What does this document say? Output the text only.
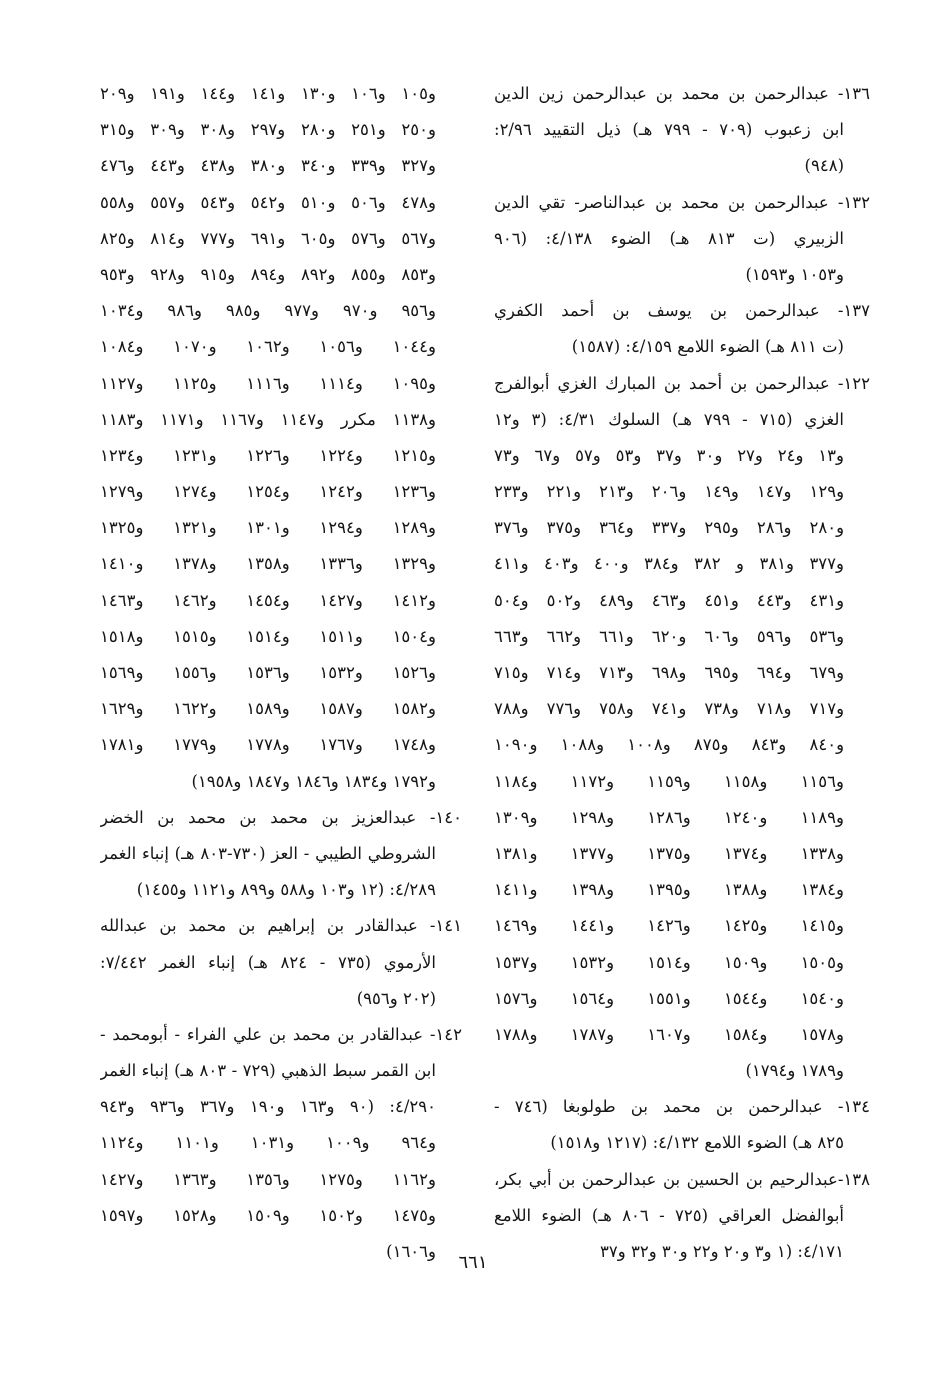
١٣٦- عبدالرحمن بن محمد بن عبدالرحمن زين الدين
ابن زعبوب (٧٠٩ - ٧٩٩ هـ) ذيل التقييد ٢/٩٦:
(٩٤٨)
١٣٢- عبدالرحمن بن محمد بن عبدالناصر- تقي الدين
الزبيري (ت ٨١٣ هـ) الضوء ٤/١٣٨: (٩٠٦
و١٠٥٣ و١٥٩٣)
١٣٧- عبدالرحمن بن يوسف بن أحمد الكفري
(ت ٨١١ هـ) الضوء اللامع ٤/١٥٩: (١٥٨٧)
١٢٢- عبدالرحمن بن أحمد بن المبارك الغزي أبوالفرج
الغزي (٧١٥ - ٧٩٩ هـ) السلوك ٤/٣١: (٣ و١٢
و١٣ و٢٤ و٢٧ و٣٠ و٣٧ و٥٣ و٥٧ و٦٧ و٧٣
و١٢٩ و١٤٧ و١٤٩ و٢٠٦ و٢١٣ و٢٢١ و٢٣٣
و٢٨٠ و٢٨٦ و٢٩٥ و٣٣٧ و٣٦٤ و٣٧٥ و٣٧٦
و٣٧٧ و٣٨١ و ٣٨٢ و٣٨٤ و٤٠٠ و٤٠٣ و٤١١
و٤٣١ و٤٤٣ و٤٥١ و٤٦٣ و٤٨٩ و٥٠٢ و٥٠٤
و٥٣٦ و٥٩٦ و٦٠٦ و٦٢٠ و٦٦١ و٦٦٢ و٦٦٣
و٦٧٩ و٦٩٤ و٦٩٥ و٦٩٨ و٧١٣ و٧١٤ و٧١٥
و٧١٧ و٧١٨ و٧٣٨ و٧٤١ و٧٥٨ و٧٧٦ و٧٨٨
و٨٤٠ و٨٤٣ و٨٧٥ و١٠٠٨ و١٠٨٨ و١٠٩٠
و١١٥٦ و١١٥٨ و١١٥٩ و١١٧٢ و١١٨٤
و١١٨٩ و١٢٤٠ و١٢٨٦ و١٢٩٨ و١٣٠٩
و١٣٣٨ و١٣٧٤ و١٣٧٥ و١٣٧٧ و١٣٨١
و١٣٨٤ و١٣٨٨ و١٣٩٥ و١٣٩٨ و١٤١١
و١٤١٥ و١٤٢٥ و١٤٢٦ و١٤٤١ و١٤٦٩
و١٥٠٥ و١٥٠٩ و١٥١٤ و١٥٣٢ و١٥٣٧
و١٥٤٠ و١٥٤٤ و١٥٥١ و١٥٦٤ و١٥٧٦
و١٥٧٨ و١٥٨٤ و١٦٠٧ و١٧٨٧ و١٧٨٨
و١٧٨٩ و١٧٩٤)
١٣٤- عبدالرحمن بن محمد بن طولوبغا (٧٤٦ -
٨٢٥ هـ) الضوء اللامع ٤/١٣٢: (١٢١٧ و١٥١٨)
١٣٨-عبدالرحيم بن الحسين بن عبدالرحمن بن أبي بكر،
أبوالفضل العراقي (٧٢٥ - ٨٠٦ هـ) الضوء اللامع
٤/١٧١: (١ و٣ و٢٠ و٢٢ و٣٠ و٣٢ و٣٧
و١٠٥ و١٠٦ و١٣٠ و١٤١ و١٤٤ و١٩١ و٢٠٩
و٢٥٠ و٢٥١ و٢٨٠ و٢٩٧ و٣٠٨ و٣٠٩ و٣١٥
و٣٢٧ و٣٣٩ و٣٤٠ و٣٨٠ و٤٣٨ و٤٤٣ و٤٧٦
و٤٧٨ و٥٠٦ و٥١٠ و٥٤٢ و٥٤٣ و٥٥٧ و٥٥٨
و٥٦٧ و٥٧٦ و٦٠٥ و٦٩١ و٧٧٧ و٨١٤ و٨٢٥
و٨٥٣ و٨٥٥ و٨٩٢ و٨٩٤ و٩١٥ و٩٢٨ و٩٥٣
و٩٥٦ و٩٧٠ و٩٧٧ و٩٨٥ و٩٨٦ و١٠٣٤
و١٠٤٤ و١٠٥٦ و١٠٦٢ و١٠٧٠ و١٠٨٤
و١٠٩٥ و١١١٤ و١١١٦ و١١٢٥ و١١٢٧
و١١٣٨ مكرر و١١٤٧ و١١٦٧ و١١٧١ و١١٨٣
و١٢١٥ و١٢٢٤ و١٢٢٦ و١٢٣١ و١٢٣٤
و١٢٣٦ و١٢٤٢ و١٢٥٤ و١٢٧٤ و١٢٧٩
و١٢٨٩ و١٢٩٤ و١٣٠١ و١٣٢١ و١٣٢٥
و١٣٢٩ و١٣٣٦ و١٣٥٨ و١٣٧٨ و١٤١٠
و١٤١٢ و١٤٢٧ و١٤٥٤ و١٤٦٢ و١٤٦٣
و١٥٠٤ و١٥١١ و١٥١٤ و١٥١٥ و١٥١٨
و١٥٢٦ و١٥٣٢ و١٥٣٦ و١٥٥٦ و١٥٦٩
و١٥٨٢ و١٥٨٧ و١٥٨٩ و١٦٢٢ و١٦٢٩
و١٧٤٨ و١٧٦٧ و١٧٧٨ و١٧٧٩ و١٧٨١
و١٧٩٢ و١٨٣٤ و١٨٤٦ و١٨٤٧ و١٩٥٨)
١٤٠- عبدالعزيز بن محمد بن محمد بن الخضر
الشروطي الطيبي - العز (٧٣٠-٨٠٣ هـ) إنباء الغمر
٤/٢٨٩: (١٢ و١٠٣ و٥٨٨ و٨٩٩ و١١٢١ و١٤٥٥)
١٤١- عبدالقادر بن إبراهيم بن محمد بن عبدالله
الأرموي (٧٣٥ - ٨٢٤ هـ) إنباء الغمر ٧/٤٤٢:
(٢٠٢ و٩٥٦)
١٤٢- عبدالقادر بن محمد بن علي الفراء - أبومحمد -
ابن القمر سبط الذهبي (٧٢٩ - ٨٠٣ هـ) إنباء الغمر
٤/٢٩٠: (٩٠ و١٦٣ و١٩٠ و٣٦٧ و٩٣٦ و٩٤٣
و٩٦٤ و١٠٠٩ و١٠٣١ و١١٠١ و١١٢٤
و١١٦٢ و١٢٧٥ و١٣٥٦ و١٣٦٣ و١٤٢٧
و١٤٧٥ و١٥٠٢ و١٥٠٩ و١٥٢٨ و١٥٩٧
و١٦٠٦)
٦٦١
